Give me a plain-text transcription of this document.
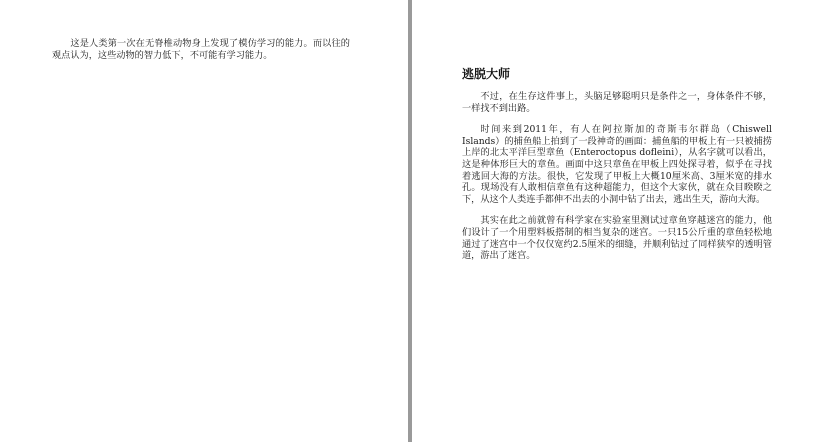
这是人类第一次在无脊椎动物身上发现了模仿学习的能力。而以往的观点认为，这些动物的智力低下，不可能有学习能力。

逃脱大师

不过，在生存这件事上，头脑足够聪明只是条件之一，身体条件不够，一样找不到出路。

时间来到2011年，有人在阿拉斯加的奇斯韦尔群岛（Chiswell Islands）的捕鱼船上拍到了一段神奇的画面：捕鱼船的甲板上有一只被捕捞上岸的北太平洋巨型章鱼（Enteroctopus dofleini），从名字就可以看出，这是种体形巨大的章鱼。画面中这只章鱼在甲板上四处探寻着，似乎在寻找着逃回大海的方法。很快，它发现了甲板上大概10厘米高、3厘米宽的排水孔。现场没有人敢相信章鱼有这种超能力，但这个大家伙，就在众目睽睽之下，从这个人类连手都伸不出去的小洞中钻了出去，逃出生天，游向大海。

其实在此之前就曾有科学家在实验室里测试过章鱼穿越迷宫的能力，他们设计了一个用塑料板搭制的相当复杂的迷宫。一只15公斤重的章鱼轻松地通过了迷宫中一个仅仅宽约2.5厘米的细缝，并顺利钻过了同样狭窄的透明管道，游出了迷宫。
